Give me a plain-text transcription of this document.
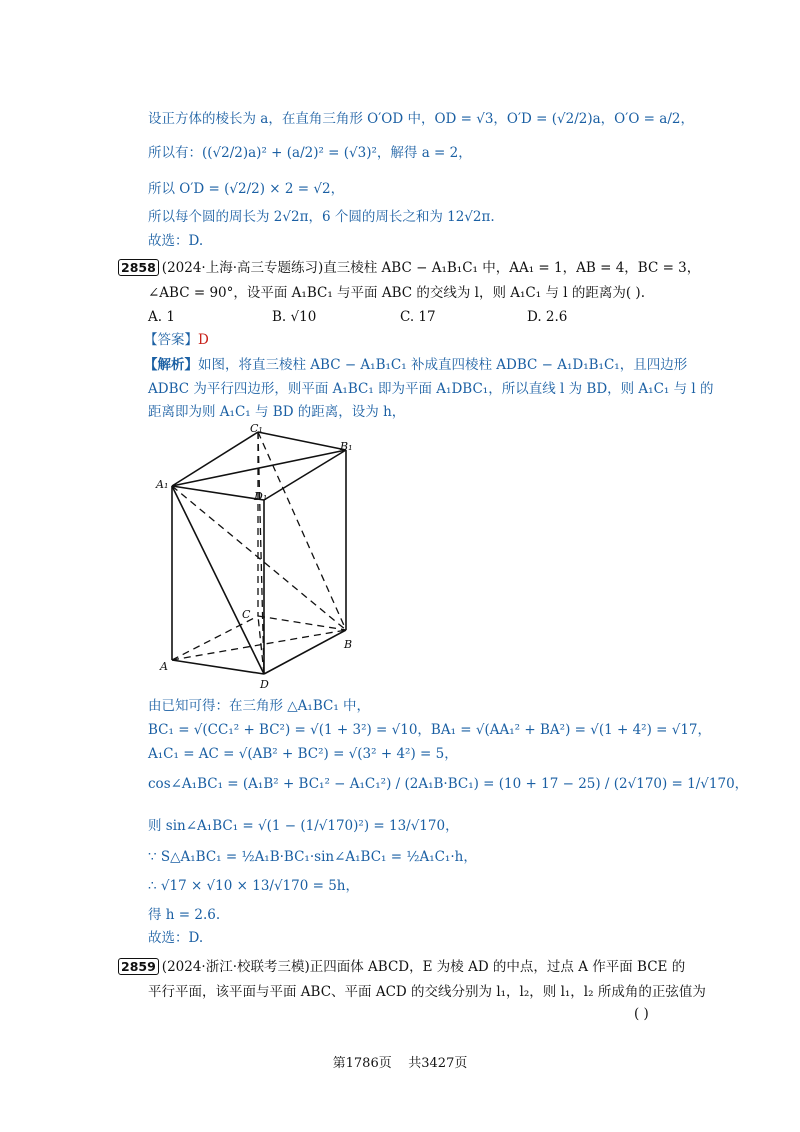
设正方体的棱长为 a，在直角三角形 O′OD 中，OD = √3，O′D = (√2/2)a，O′O = a/2，
所以有：((√2/2)a)² + (a/2)² = (√3)²，解得 a = 2，
所以 O′D = (√2/2) × 2 = √2，
所以每个圆的周长为 2√2π，6 个圆的周长之和为 12√2π.
故选：D.
2858 (2024·上海·高三专题练习)直三棱柱 ABC − A₁B₁C₁ 中，AA₁ = 1，AB = 4，BC = 3，
∠ABC = 90°，设平面 A₁BC₁ 与平面 ABC 的交线为 l，则 A₁C₁ 与 l 的距离为( ).
A. 1	B. √10	C. 17	D. 2.6
【答案】D
【解析】如图，将直三棱柱 ABC − A₁B₁C₁ 补成直四棱柱 ADBC − A₁D₁B₁C₁，且四边形
ADBC 为平行四边形，则平面 A₁BC₁ 即为平面 A₁DBC₁，所以直线 l 为 BD，则 A₁C₁ 与 l 的
距离即为则 A₁C₁ 与 BD 的距离，设为 h，
C₁
B₁
A₁
D₁
C
A
B
D
由已知可得：在三角形 △A₁BC₁ 中，
BC₁ = √(CC₁² + BC²) = √(1 + 3²) = √10，BA₁ = √(AA₁² + BA²) = √(1 + 4²) = √17，
A₁C₁ = AC = √(AB² + BC²) = √(3² + 4²) = 5，
cos∠A₁BC₁ = (A₁B² + BC₁² − A₁C₁²) / (2A₁B·BC₁) = (10 + 17 − 25) / (2√170) = 1/√170，
则 sin∠A₁BC₁ = √(1 − (1/√170)²) = 13/√170，
∵ S△A₁BC₁ = ½A₁B·BC₁·sin∠A₁BC₁ = ½A₁C₁·h，
∴ √17 × √10 × 13/√170 = 5h，
得 h = 2.6.
故选：D.
2859 (2024·浙江·校联考三模)正四面体 ABCD，E 为棱 AD 的中点，过点 A 作平面 BCE 的
平行平面，该平面与平面 ABC、平面 ACD 的交线分别为 l₁，l₂，则 l₁，l₂ 所成角的正弦值为
( )
第1786页 共3427页
